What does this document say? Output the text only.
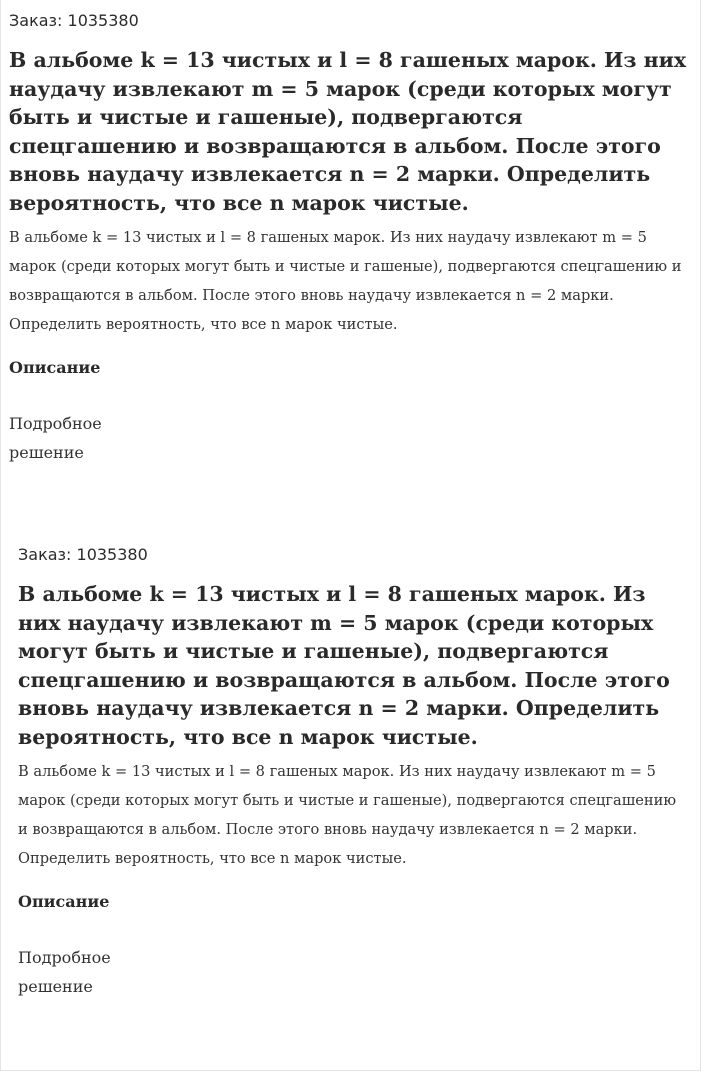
Заказ: 1035380
В альбоме k = 13 чистых и l = 8 гашеных марок. Из них наудачу извлекают m = 5 марок (среди которых могут быть и чистые и гашеные), подвергаются спецгашению и возвращаются в альбом. После этого вновь наудачу извлекается n = 2 марки. Определить вероятность, что все n марок чистые.
В альбоме k = 13 чистых и l = 8 гашеных марок. Из них наудачу извлекают m = 5 марок (среди которых могут быть и чистые и гашеные), подвергаются спецгашению и возвращаются в альбом. После этого вновь наудачу извлекается n = 2 марки. Определить вероятность, что все n марок чистые.
Описание
Подробное решение
Заказ: 1035380
В альбоме k = 13 чистых и l = 8 гашеных марок. Из них наудачу извлекают m = 5 марок (среди которых могут быть и чистые и гашеные), подвергаются спецгашению и возвращаются в альбом. После этого вновь наудачу извлекается n = 2 марки. Определить вероятность, что все n марок чистые.
В альбоме k = 13 чистых и l = 8 гашеных марок. Из них наудачу извлекают m = 5 марок (среди которых могут быть и чистые и гашеные), подвергаются спецгашению и возвращаются в альбом. После этого вновь наудачу извлекается n = 2 марки. Определить вероятность, что все n марок чистые.
Описание
Подробное решение
